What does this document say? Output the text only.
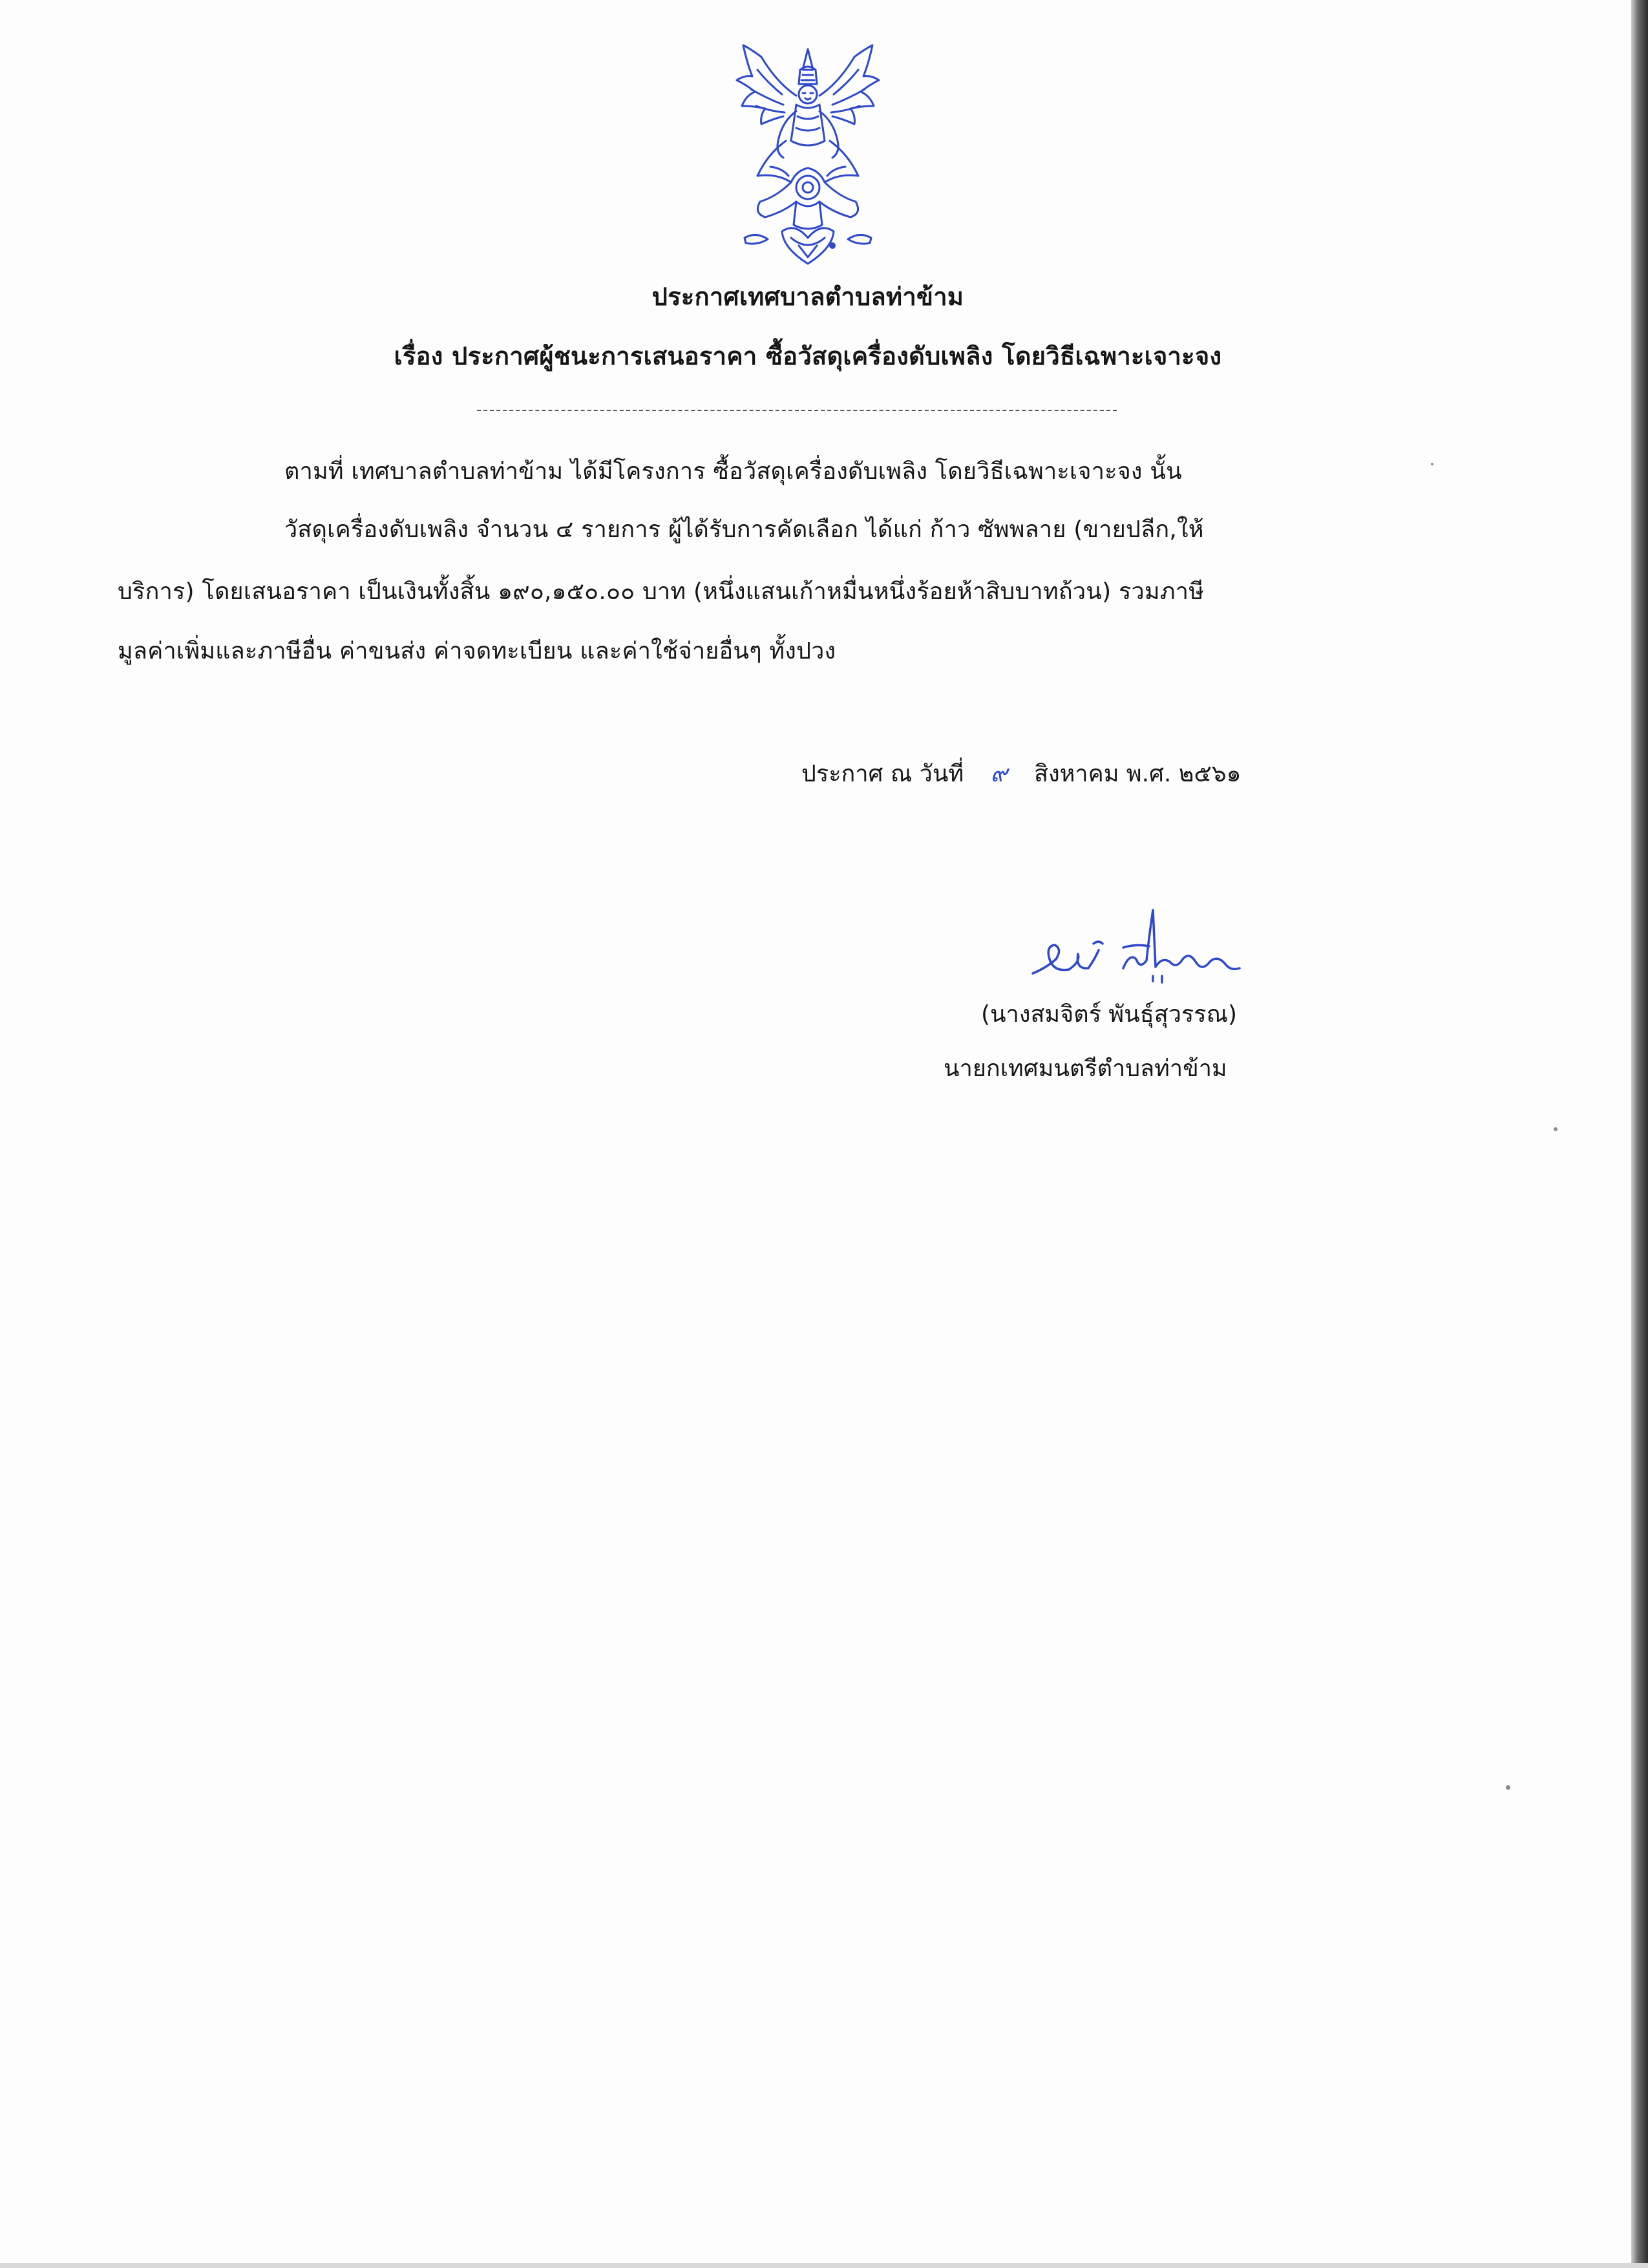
ประกาศเทศบาลตำบลท่าข้าม
เรื่อง ประกาศผู้ชนะการเสนอราคา ซื้อวัสดุเครื่องดับเพลิง โดยวิธีเฉพาะเจาะจง
ตามที่ เทศบาลตำบลท่าข้าม ได้มีโครงการ ซื้อวัสดุเครื่องดับเพลิง โดยวิธีเฉพาะเจาะจง นั้น
วัสดุเครื่องดับเพลิง จำนวน ๔ รายการ ผู้ได้รับการคัดเลือก ได้แก่ ก้าว ซัพพลาย (ขายปลีก,ให้
บริการ) โดยเสนอราคา เป็นเงินทั้งสิ้น ๑๙๐,๑๕๐.๐๐ บาท (หนึ่งแสนเก้าหมื่นหนึ่งร้อยห้าสิบบาทถ้วน) รวมภาษี
มูลค่าเพิ่มและภาษีอื่น ค่าขนส่ง ค่าจดทะเบียน และค่าใช้จ่ายอื่นๆ ทั้งปวง
ประกาศ ณ วันที่ ๙ สิงหาคม พ.ศ. ๒๕๖๑
(นางสมจิตร์ พันธุ์สุวรรณ)
นายกเทศมนตรีตำบลท่าข้าม
